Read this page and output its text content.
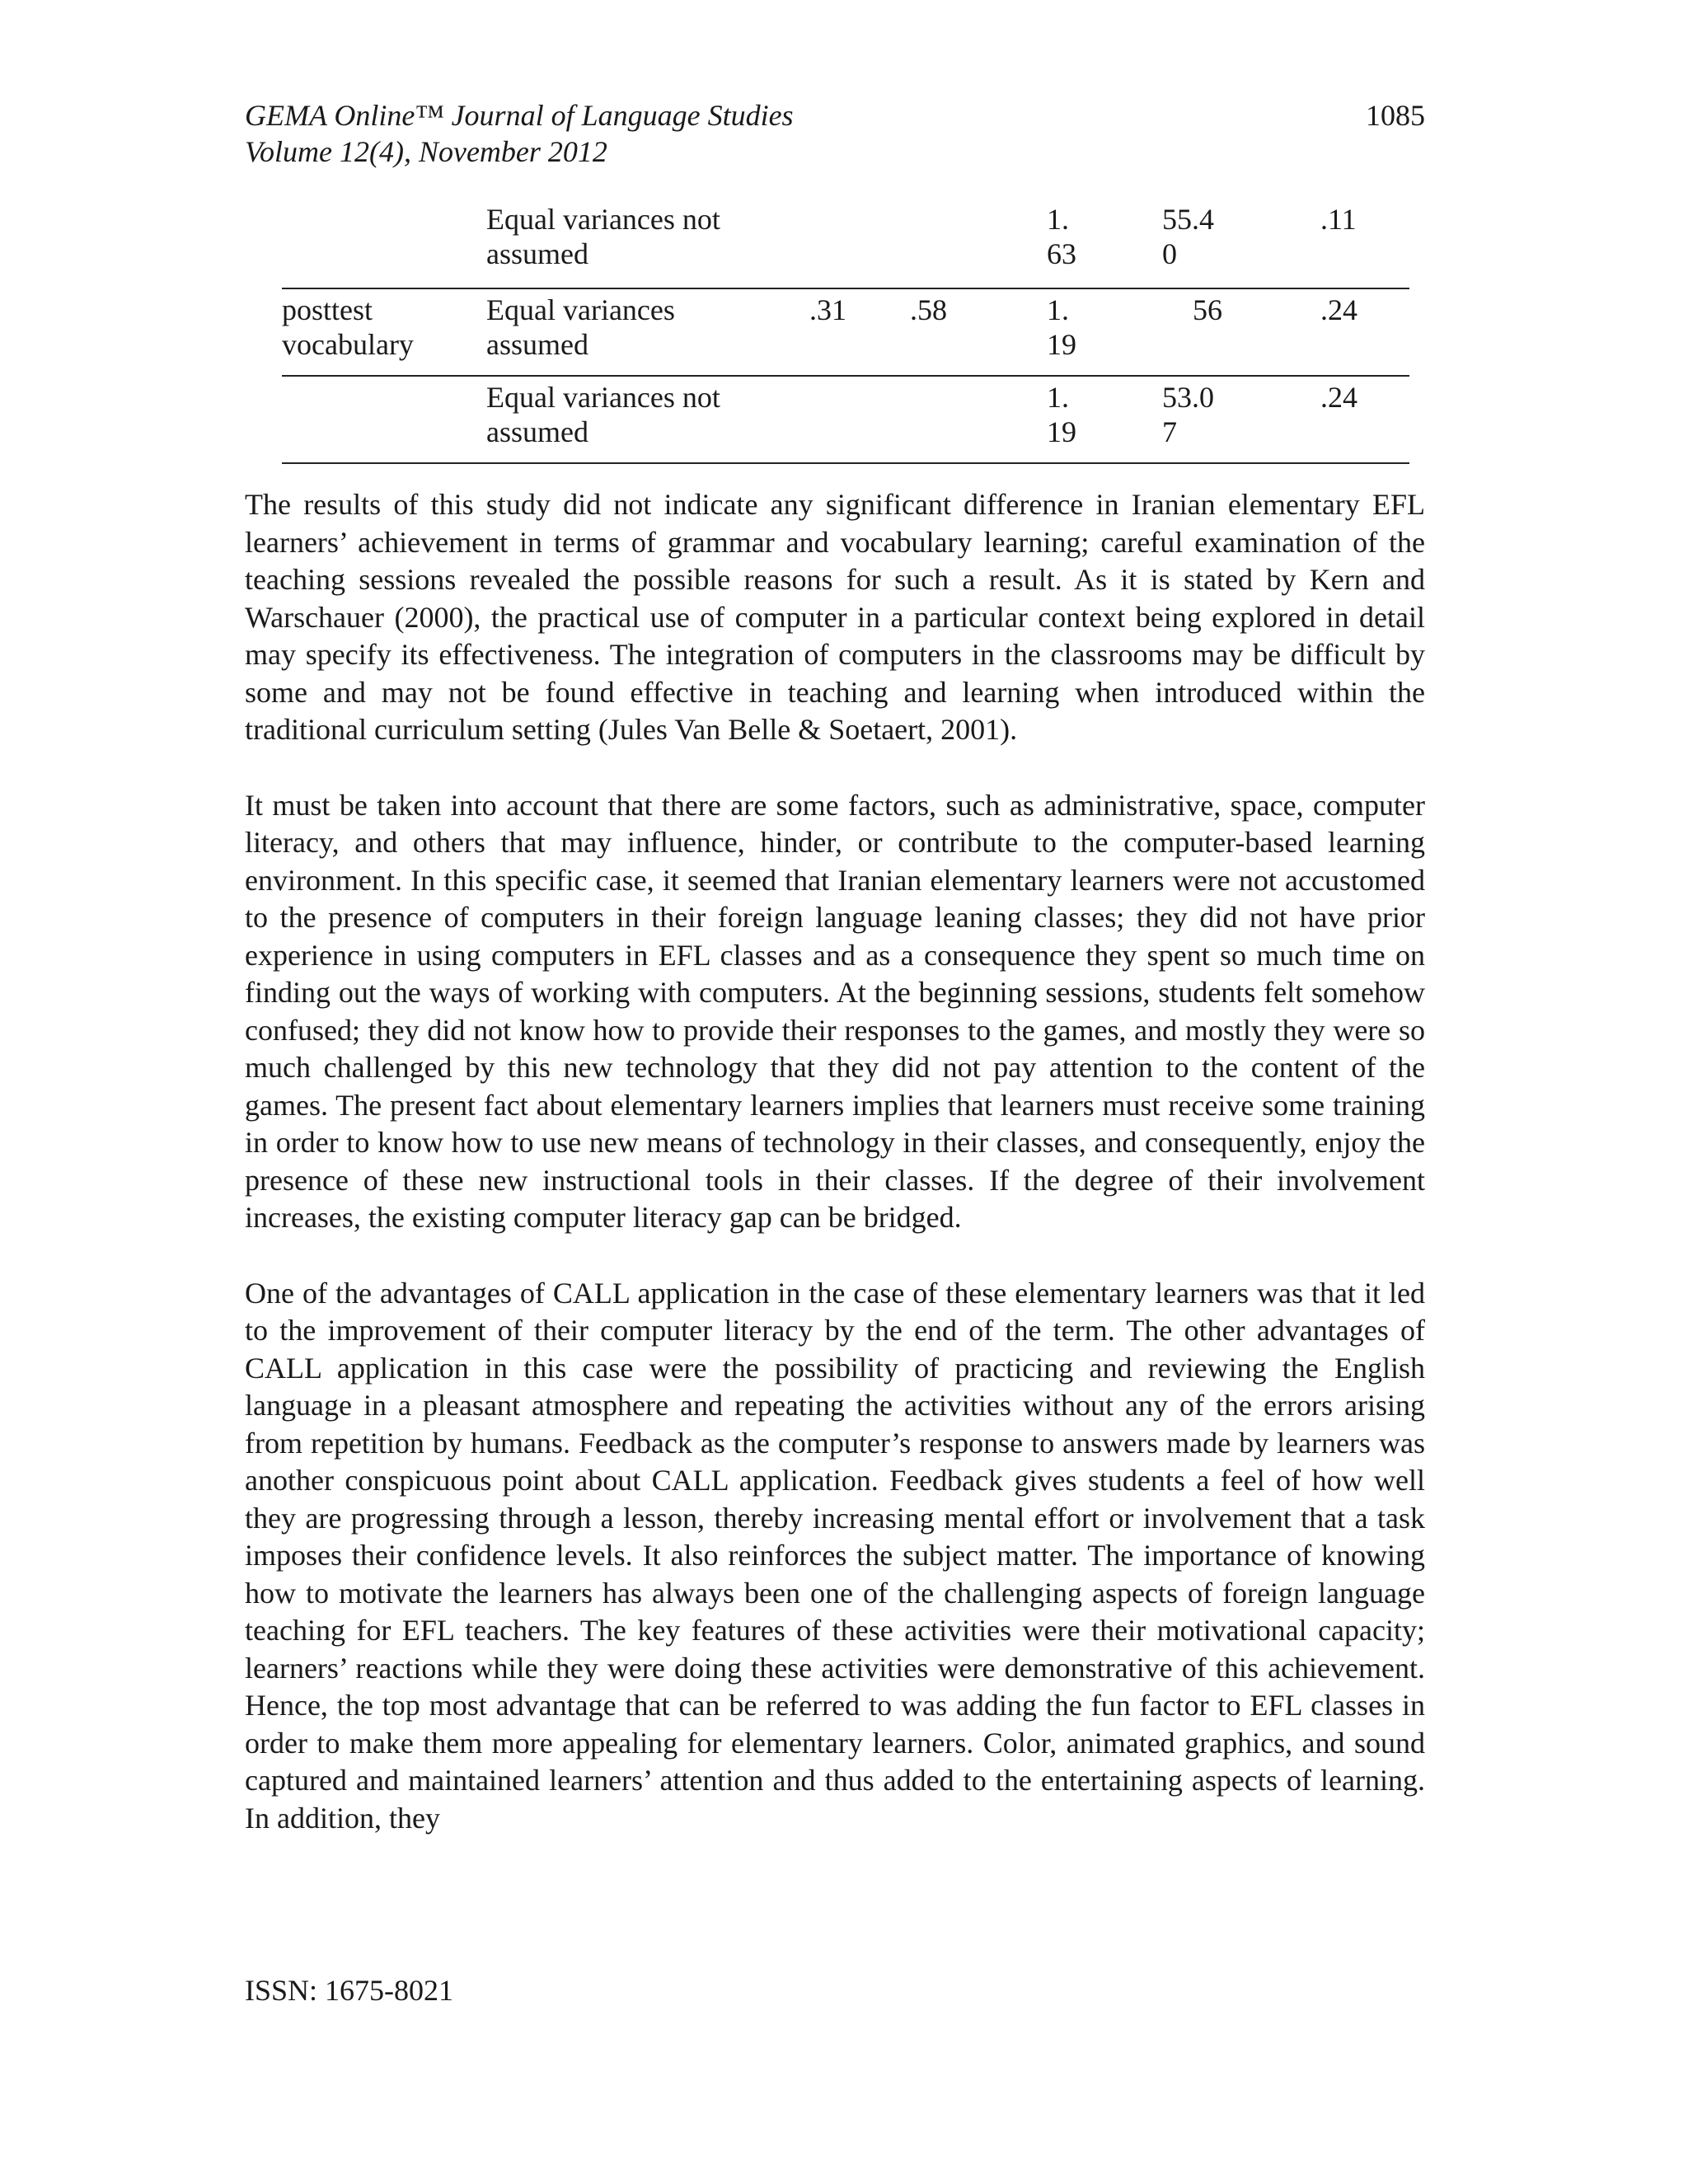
GEMA Online™ Journal of Language Studies
Volume 12(4), November 2012
1085
Equal variances not assumed
1.63
55.40
.11
posttest vocabulary
Equal variances assumed
.31 .58	1.19
56	.24
Equal variances not assumed
1.19
53.07
.24

The results of this study did not indicate any significant difference in Iranian elementary EFL learners’ achievement in terms of grammar and vocabulary learning; careful examination of the teaching sessions revealed the possible reasons for such a result. As it is stated by Kern and Warschauer (2000), the practical use of computer in a particular context being explored in detail may specify its effectiveness. The integration of computers in the classrooms may be difficult by some and may not be found effective in teaching and learning when introduced within the traditional curriculum setting (Jules Van Belle & Soetaert, 2001).

It must be taken into account that there are some factors, such as administrative, space, computer literacy, and others that may influence, hinder, or contribute to the computer-based learning environment. In this specific case, it seemed that Iranian elementary learners were not accustomed to the presence of computers in their foreign language leaning classes; they did not have prior experience in using computers in EFL classes and as a consequence they spent so much time on finding out the ways of working with computers. At the beginning sessions, students felt somehow confused; they did not know how to provide their responses to the games, and mostly they were so much challenged by this new technology that they did not pay attention to the content of the games. The present fact about elementary learners implies that learners must receive some training in order to know how to use new means of technology in their classes, and consequently, enjoy the presence of these new instructional tools in their classes. If the degree of their involvement increases, the existing computer literacy gap can be bridged.

One of the advantages of CALL application in the case of these elementary learners was that it led to the improvement of their computer literacy by the end of the term. The other advantages of CALL application in this case were the possibility of practicing and reviewing the English language in a pleasant atmosphere and repeating the activities without any of the errors arising from repetition by humans. Feedback as the computer’s response to answers made by learners was another conspicuous point about CALL application. Feedback gives students a feel of how well they are progressing through a lesson, thereby increasing mental effort or involvement that a task imposes their confidence levels. It also reinforces the subject matter. The importance of knowing how to motivate the learners has always been one of the challenging aspects of foreign language teaching for EFL teachers. The key features of these activities were their motivational capacity; learners’ reactions while they were doing these activities were demonstrative of this achievement. Hence, the top most advantage that can be referred to was adding the fun factor to EFL classes in order to make them more appealing for elementary learners. Color, animated graphics, and sound captured and maintained learners’ attention and thus added to the entertaining aspects of learning. In addition, they

ISSN: 1675-8021
